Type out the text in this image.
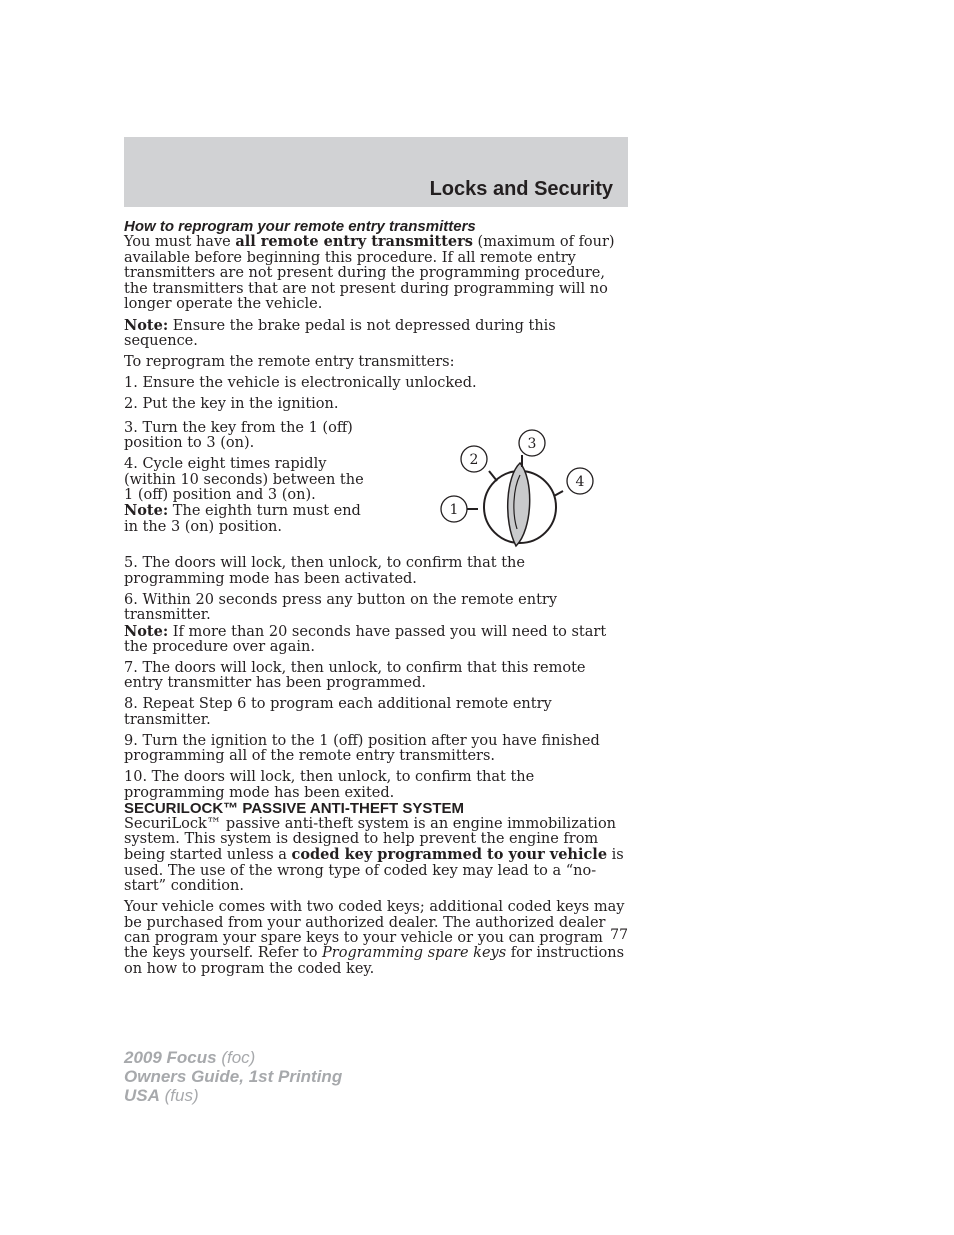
Locks and Security

How to reprogram your remote entry transmitters

You must have all remote entry transmitters (maximum of four) available before beginning this procedure. If all remote entry transmitters are not present during the programming procedure, the transmitters that are not present during programming will no longer operate the vehicle.

Note: Ensure the brake pedal is not depressed during this sequence.

To reprogram the remote entry transmitters:

1. Ensure the vehicle is electronically unlocked.

2. Put the key in the ignition.

3. Turn the key from the 1 (off) position to 3 (on).

4. Cycle eight times rapidly (within 10 seconds) between the 1 (off) position and 3 (on).
Note: The eighth turn must end in the 3 (on) position.

1
2
3
4

5. The doors will lock, then unlock, to confirm that the programming mode has been activated.

6. Within 20 seconds press any button on the remote entry transmitter.
Note: If more than 20 seconds have passed you will need to start the procedure over again.

7. The doors will lock, then unlock, to confirm that this remote entry transmitter has been programmed.

8. Repeat Step 6 to program each additional remote entry transmitter.

9. Turn the ignition to the 1 (off) position after you have finished programming all of the remote entry transmitters.

10. The doors will lock, then unlock, to confirm that the programming mode has been exited.

SECURILOCK™ PASSIVE ANTI-THEFT SYSTEM

SecuriLock™ passive anti-theft system is an engine immobilization system. This system is designed to help prevent the engine from being started unless a coded key programmed to your vehicle is used. The use of the wrong type of coded key may lead to a “no-start” condition.

Your vehicle comes with two coded keys; additional coded keys may be purchased from your authorized dealer. The authorized dealer can program your spare keys to your vehicle or you can program the keys yourself. Refer to Programming spare keys for instructions on how to program the coded key.

77
2009 Focus (foc)
Owners Guide, 1st Printing
USA (fus)
